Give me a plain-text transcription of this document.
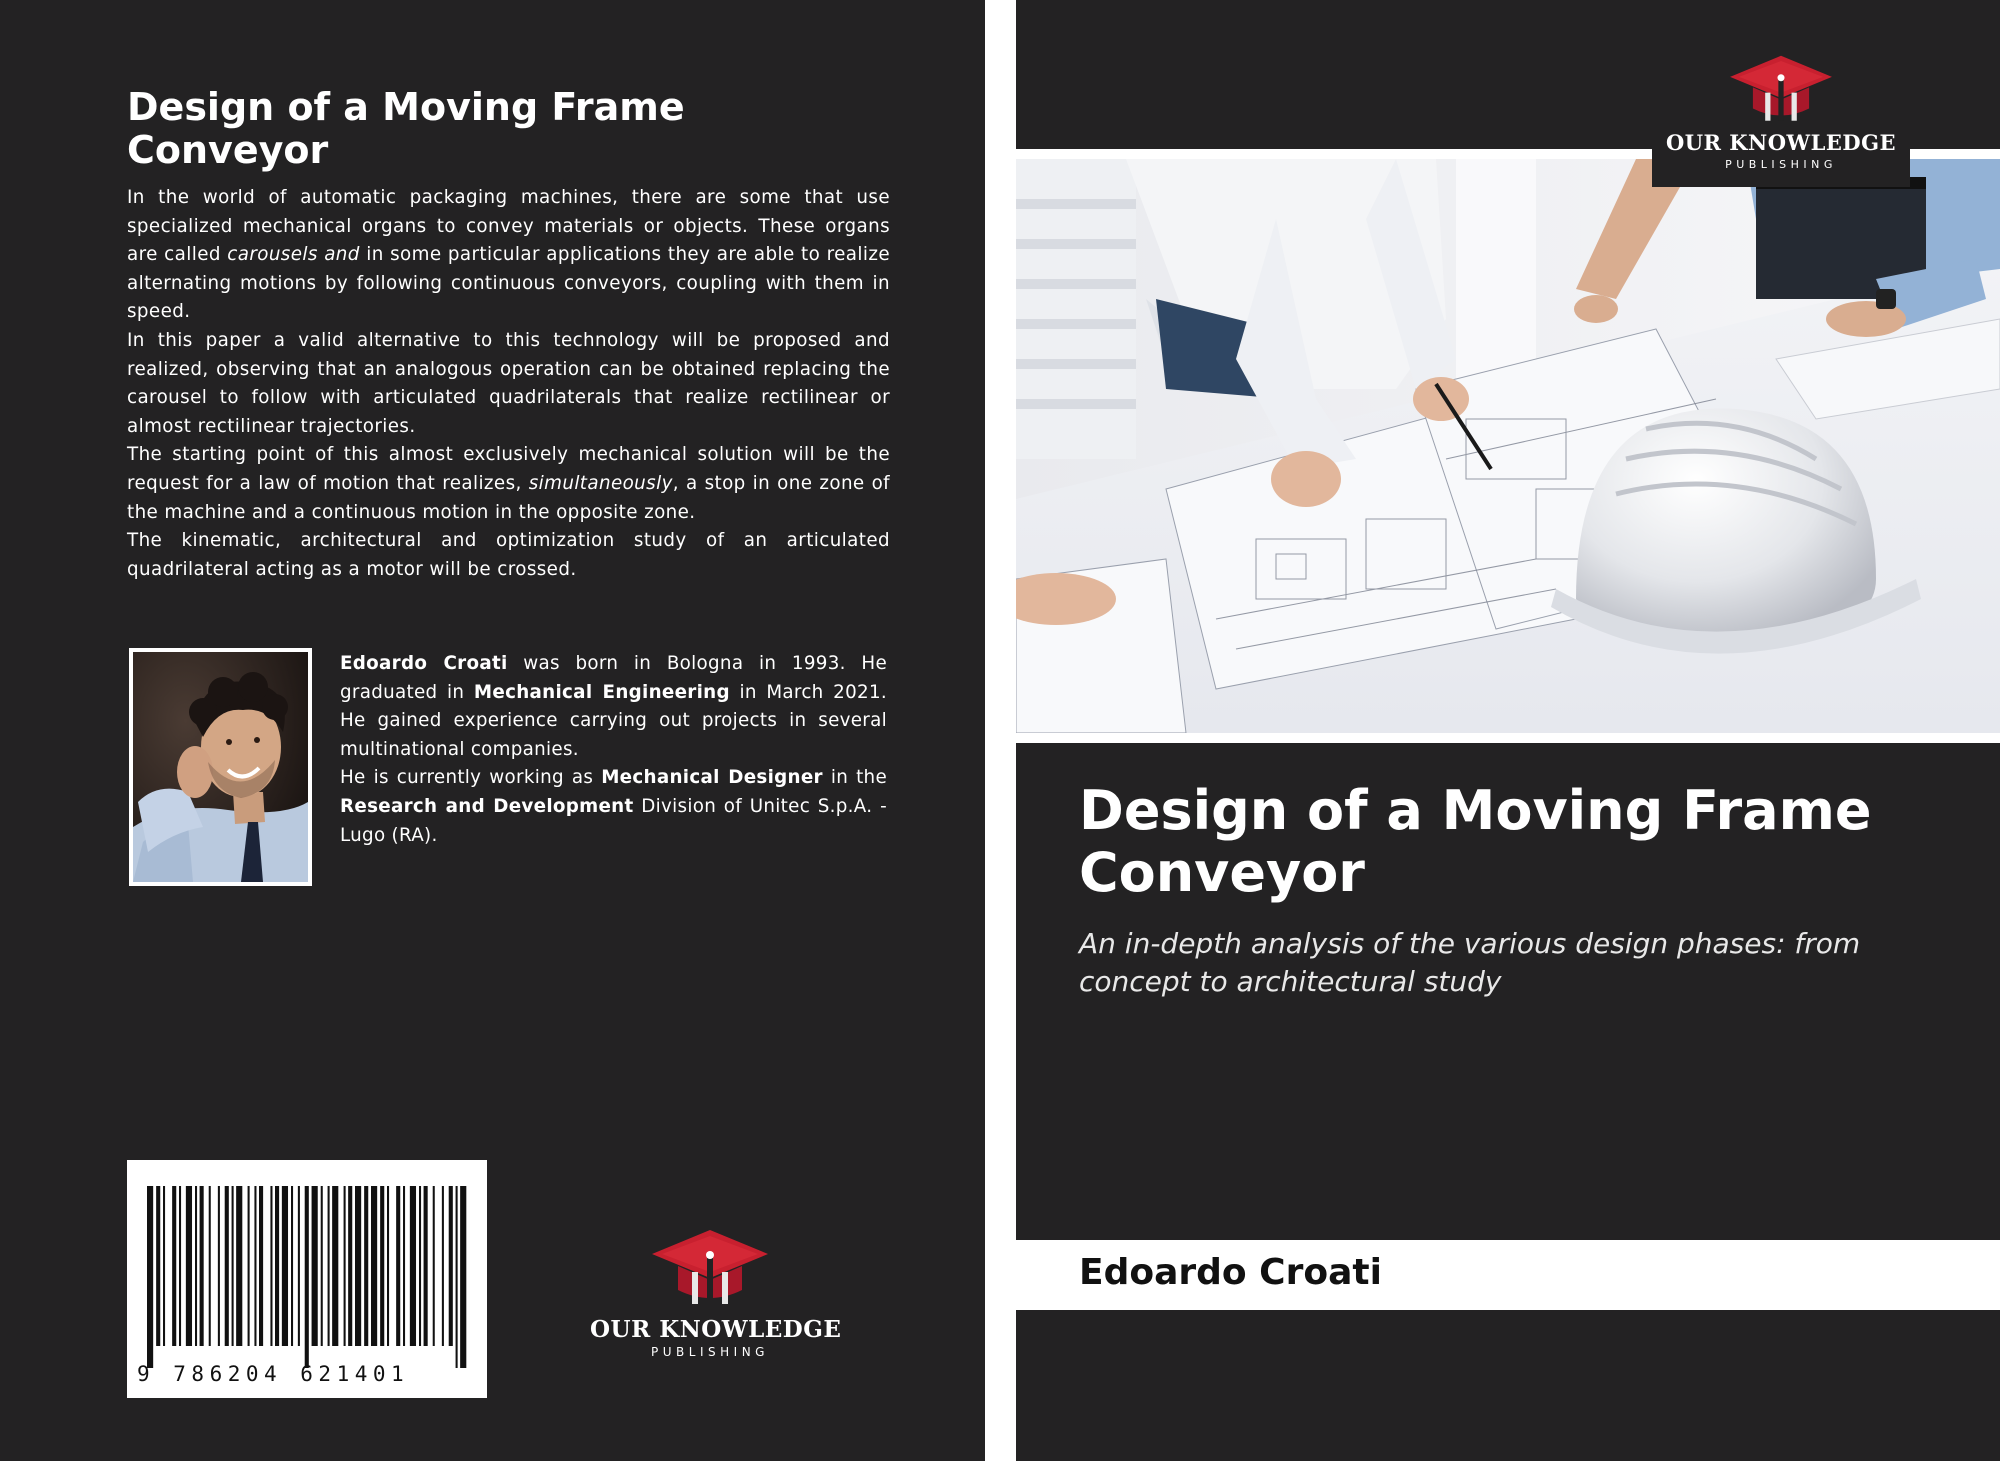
Design of a Moving Frame Conveyor

In the world of automatic packaging machines, there are some that use specialized mechanical organs to convey materials or objects. These organs are called carousels and in some particular applications they are able to realize alternating motions by following continuous conveyors, coupling with them in speed.

In this paper a valid alternative to this technology will be proposed and realized, observing that an analogous operation can be obtained replacing the carousel to follow with articulated quadrilaterals that realize rectilinear or almost rectilinear trajectories.

The starting point of this almost exclusively mechanical solution will be the request for a law of motion that realizes, simultaneously, a stop in one zone of the machine and a continuous motion in the opposite zone.

The kinematic, architectural and optimization study of an articulated quadrilateral acting as a motor will be crossed.

Edoardo Croati was born in Bologna in 1993. He graduated in Mechanical Engineering in March 2021. He gained experience carrying out projects in several multinational companies.

He is currently working as Mechanical Designer in the Research and Development Division of Unitec S.p.A. - Lugo (RA).

9 786204 621401
OUR KNOWLEDGE
PUBLISHING
OUR KNOWLEDGE
PUBLISHING
Design of a Moving Frame Conveyor
An in-depth analysis of the various design phases: from concept to architectural study
Edoardo Croati
